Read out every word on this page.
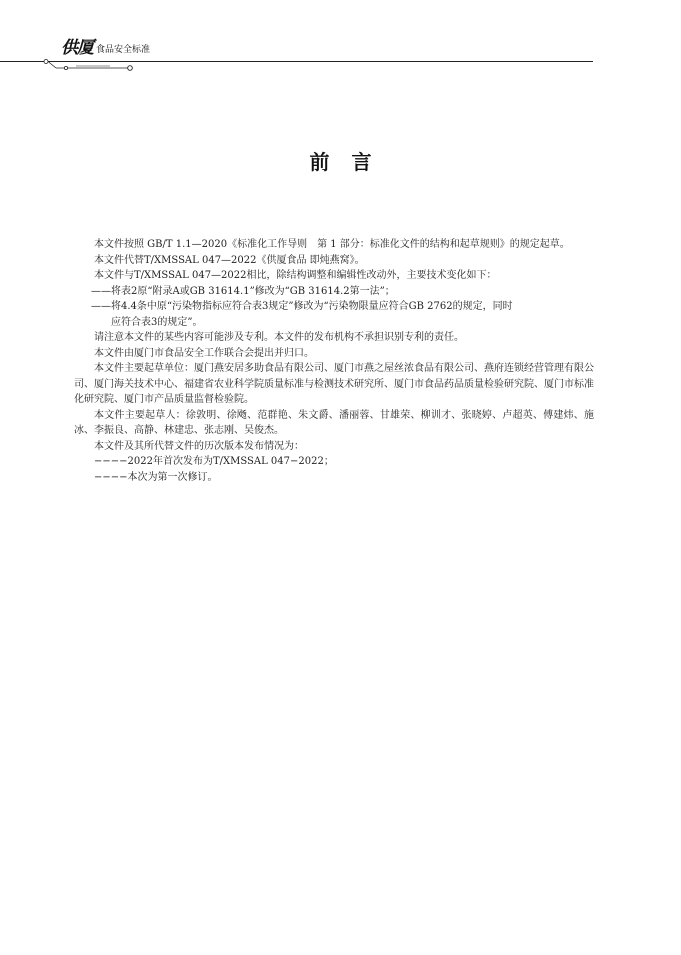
供厦 食品安全标准
前言

本文件按照 GB/T 1.1—2020《标准化工作导则　第 1 部分：标准化文件的结构和起草规则》的规定起草。

本文件代替T/XMSSAL 047—2022《供厦食品 即炖燕窝》。

本文件与T/XMSSAL 047—2022相比，除结构调整和编辑性改动外，主要技术变化如下：

——将表2原“附录A或GB 31614.1”修改为“GB 31614.2第一法”；

——将4.4条中原“污染物指标应符合表3规定”修改为“污染物限量应符合GB 2762的规定，同时
应符合表3的规定”。

请注意本文件的某些内容可能涉及专利。本文件的发布机构不承担识别专利的责任。

本文件由厦门市食品安全工作联合会提出并归口。

本文件主要起草单位：厦门燕安居多助食品有限公司、厦门市燕之屋丝浓食品有限公司、燕府连锁经营管理有限公司、厦门海关技术中心、福建省农业科学院质量标准与检测技术研究所、厦门市食品药品质量检验研究院、厦门市标准化研究院、厦门市产品质量监督检验院。

本文件主要起草人：徐敦明、徐飏、范群艳、朱文爵、潘丽蓉、甘雄荣、柳训才、张晓婷、卢超英、傅建炜、施冰、李振良、高静、林建忠、张志刚、吴俊杰。

本文件及其所代替文件的历次版本发布情况为：

−−−−2022年首次发布为T/XMSSAL 047−2022；

−−−−本次为第一次修订。
